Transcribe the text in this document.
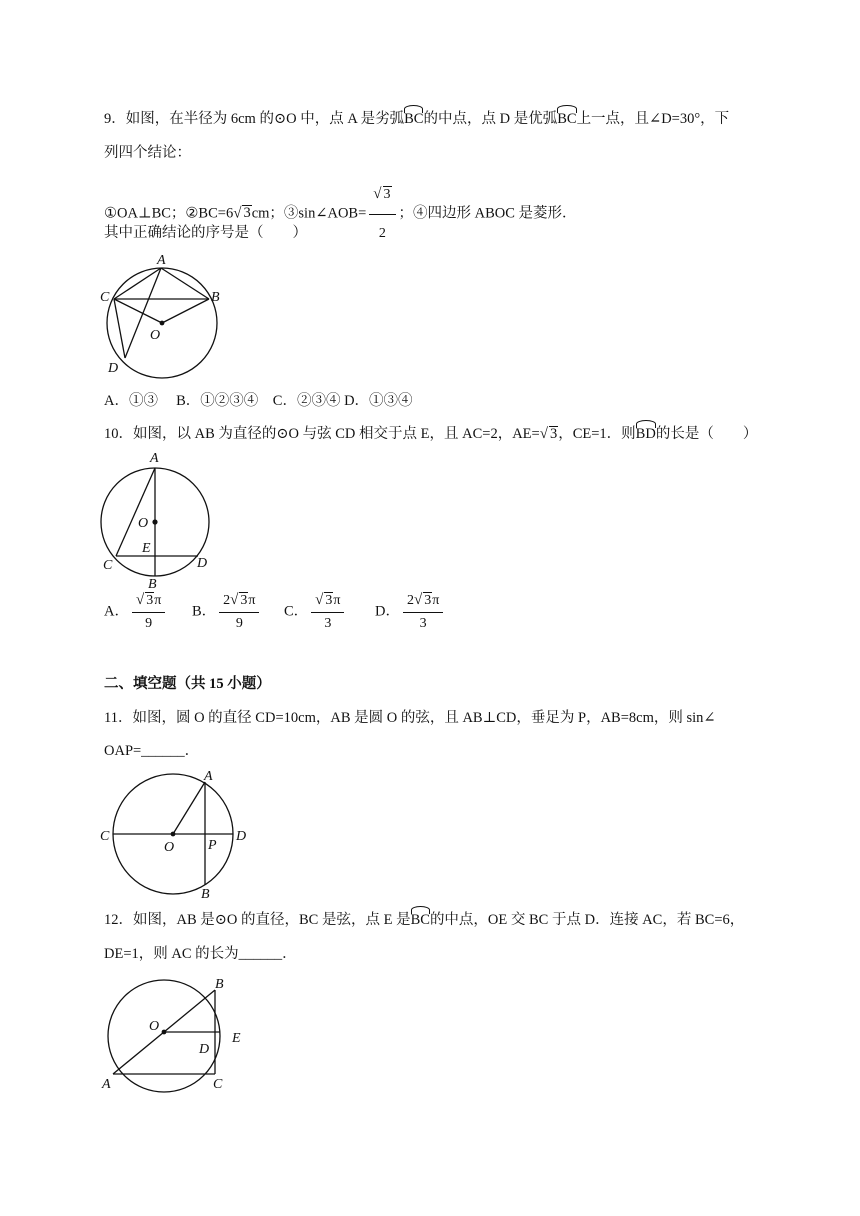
9．如图，在半径为 6cm 的⊙O 中，点 A 是劣弧BC的中点，点 D 是优弧BC上一点，且∠D=30°，下
列四个结论：
①OA⊥BC；②BC=6√ 3cm；③sin∠AOB= $\frac{√ 3}{2}$ ；④四边形 ABOC 是菱形．
其中正确结论的序号是（　　）
A
C	B
O
D
A．①③　 B．①②③④　C．②③④ D．①③④
10．如图，以 AB 为直径的⊙O 与弦 CD 相交于点 E，且 AC=2，AE=√ 3，CE=1．则BD的长是（　　）
A
O
E
C	D
B
A． $\frac{√ 3\pi}{9}$ B． $\frac{2√ 3\pi}{9}$ C． $\frac{√ 3\pi}{3}$ D． $\frac{2√ 3\pi}{3}$
二、填空题（共 15 小题）
11．如图，圆 O 的直径 CD=10cm，AB 是圆 O 的弦，且 AB⊥CD，垂足为 P，AB=8cm，则 sin∠
OAP=______．
A
C	D
O P
B
12．如图，AB 是⊙O 的直径，BC 是弦，点 E 是BC的中点，OE 交 BC 于点 D．连接 AC，若 BC=6，
DE=1，则 AC 的长为______．
B
O
E
D
A	C
